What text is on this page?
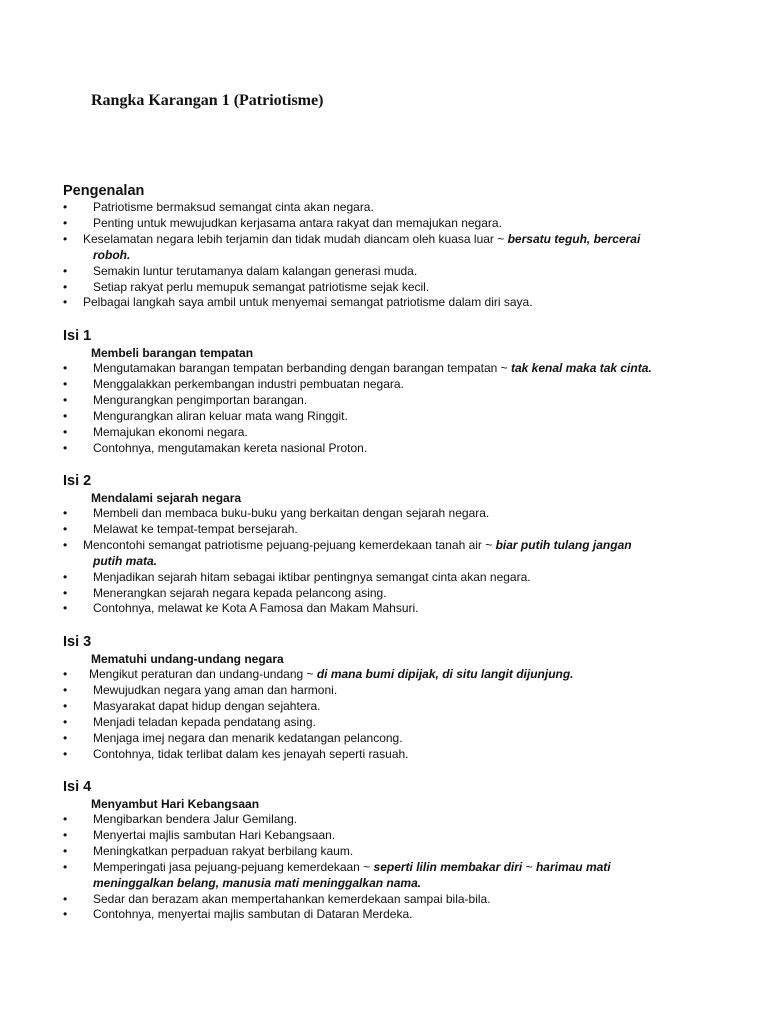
Rangka Karangan 1 (Patriotisme)
Pengenalan
• Patriotisme bermaksud semangat cinta akan negara.
• Penting untuk mewujudkan kerjasama antara rakyat dan memajukan negara.
• Keselamatan negara lebih terjamin dan tidak mudah diancam oleh kuasa luar ~ bersatu teguh, bercerai
roboh.
• Semakin luntur terutamanya dalam kalangan generasi muda.
• Setiap rakyat perlu memupuk semangat patriotisme sejak kecil.
• Pelbagai langkah saya ambil untuk menyemai semangat patriotisme dalam diri saya.
Isi 1

Membeli barangan tempatan

• Mengutamakan barangan tempatan berbanding dengan barangan tempatan ~ tak kenal maka tak cinta.
• Menggalakkan perkembangan industri pembuatan negara.
• Mengurangkan pengimportan barangan.
• Mengurangkan aliran keluar mata wang Ringgit.
• Memajukan ekonomi negara.
• Contohnya, mengutamakan kereta nasional Proton.
Isi 2

Mendalami sejarah negara

• Membeli dan membaca buku-buku yang berkaitan dengan sejarah negara.
• Melawat ke tempat-tempat bersejarah.
• Mencontohi semangat patriotisme pejuang-pejuang kemerdekaan tanah air ~ biar putih tulang jangan
putih mata.
• Menjadikan sejarah hitam sebagai iktibar pentingnya semangat cinta akan negara.
• Menerangkan sejarah negara kepada pelancong asing.
• Contohnya, melawat ke Kota A Famosa dan Makam Mahsuri.
Isi 3

Mematuhi undang-undang negara

• Mengikut peraturan dan undang-undang ~ di mana bumi dipijak, di situ langit dijunjung.
• Mewujudkan negara yang aman dan harmoni.
• Masyarakat dapat hidup dengan sejahtera.
• Menjadi teladan kepada pendatang asing.
• Menjaga imej negara dan menarik kedatangan pelancong.
• Contohnya, tidak terlibat dalam kes jenayah seperti rasuah.
Isi 4

Menyambut Hari Kebangsaan

• Mengibarkan bendera Jalur Gemilang.
• Menyertai majlis sambutan Hari Kebangsaan.
• Meningkatkan perpaduan rakyat berbilang kaum.
• Memperingati jasa pejuang-pejuang kemerdekaan ~ seperti lilin membakar diri ~ harimau mati
meninggalkan belang, manusia mati meninggalkan nama.
• Sedar dan berazam akan mempertahankan kemerdekaan sampai bila-bila.
• Contohnya, menyertai majlis sambutan di Dataran Merdeka.
